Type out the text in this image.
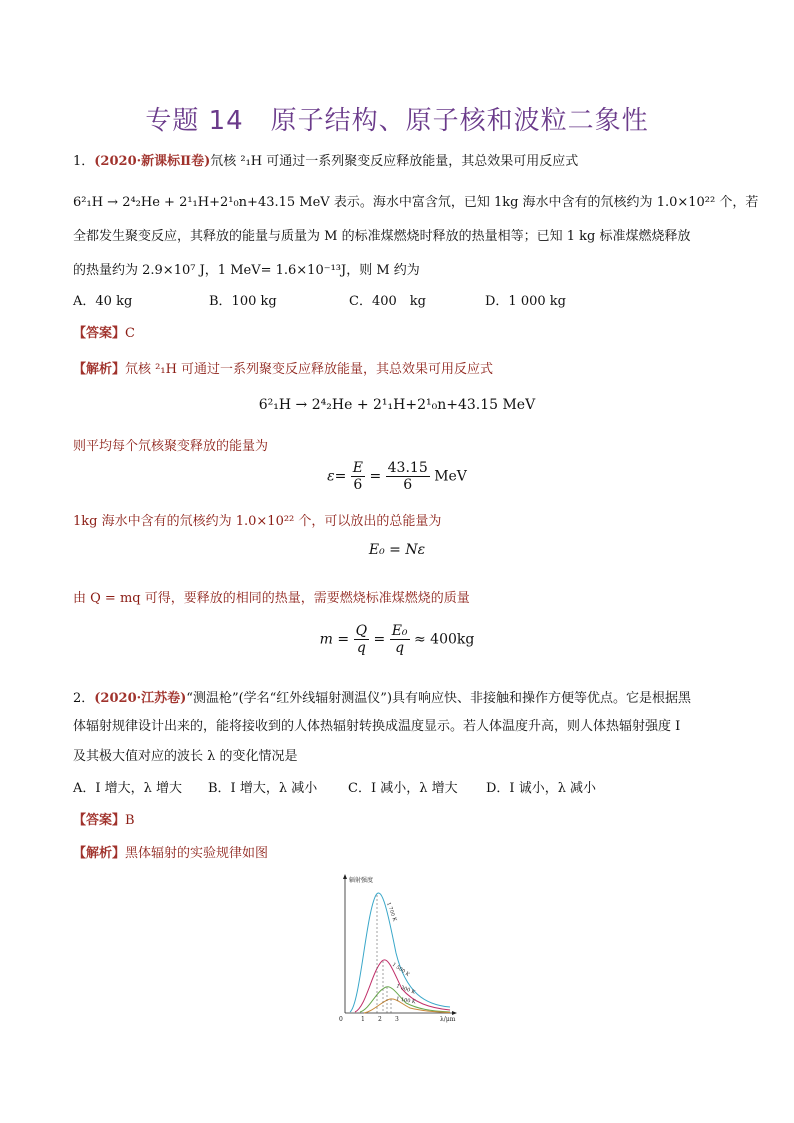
专题 14　原子结构、原子核和波粒二象性
1．(2020·新课标Ⅱ卷)氘核 ²₁H 可通过一系列聚变反应释放能量，其总效果可用反应式
6²₁H → 2⁴₂He + 2¹₁H+2¹₀n+43.15 MeV 表示。海水中富含氘，已知 1kg 海水中含有的氘核约为 1.0×10²² 个，若
全都发生聚变反应，其释放的能量与质量为 M 的标准煤燃烧时释放的热量相等；已知 1 kg 标准煤燃烧释放
的热量约为 2.9×10⁷ J，1 MeV= 1.6×10⁻¹³J，则 M 约为
A．40 kg	B．100 kg	C．400　kg	D．1 000 kg
【答案】C
【解析】氘核 ²₁H 可通过一系列聚变反应释放能量，其总效果可用反应式
6²₁H → 2⁴₂He + 2¹₁H+2¹₀n+43.15 MeV
则平均每个氘核聚变释放的能量为
$\varepsilon= \frac{E}{6} = \frac{43.15}{6}$ MeV
1kg 海水中含有的氘核约为 1.0×10²² 个，可以放出的总能量为
E₀ = Nε
由 Q = mq 可得，要释放的相同的热量，需要燃烧标准煤燃烧的质量
$m = \frac{Q}{q} = \frac{\text{E₀}}{q} \approx 400kg$
2．(2020·江苏卷)“测温枪”(学名“红外线辐射测温仪”)具有响应快、非接触和操作方便等优点。它是根据黑
体辐射规律设计出来的，能将接收到的人体热辐射转换成温度显示。若人体温度升高，则人体热辐射强度 I
及其极大值对应的波长 λ 的变化情况是
A．I 增大，λ 增大 B．I 增大，λ 减小 C．I 减小，λ 增大 D．I 诚小，λ 减小
【答案】B
【解析】黑体辐射的实验规律如图
辐射强度
0	1 2 3	λ/μm
1 700 K
1 500 K
1 300 K
1 100 K
